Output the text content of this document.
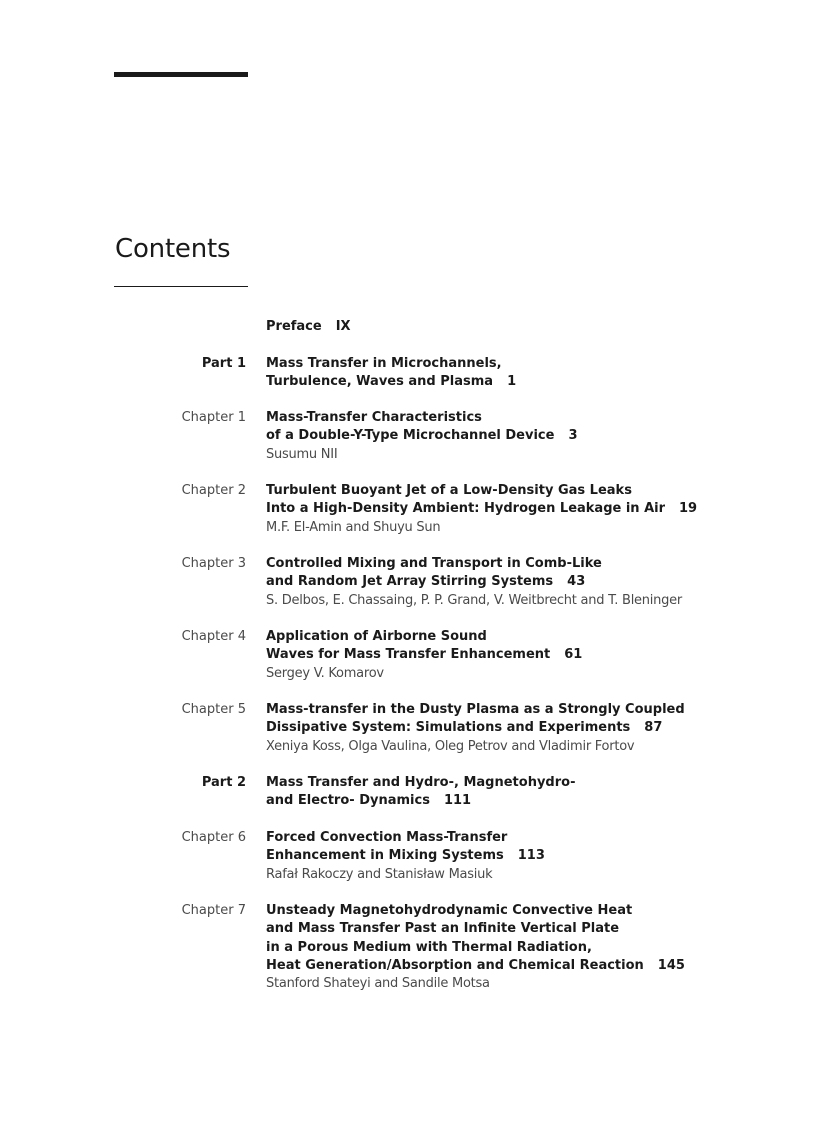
Contents
Preface IX
Part 1 Mass Transfer in Microchannels,
Turbulence, Waves and Plasma 1
Chapter 1 Mass-Transfer Characteristics
of a Double-Y-Type Microchannel Device 3
Susumu NII
Chapter 2 Turbulent Buoyant Jet of a Low-Density Gas Leaks
Into a High-Density Ambient: Hydrogen Leakage in Air 19
M.F. El-Amin and Shuyu Sun
Chapter 3 Controlled Mixing and Transport in Comb-Like
and Random Jet Array Stirring Systems 43
S. Delbos, E. Chassaing, P. P. Grand, V. Weitbrecht and T. Bleninger
Chapter 4 Application of Airborne Sound
Waves for Mass Transfer Enhancement 61
Sergey V. Komarov
Chapter 5 Mass-transfer in the Dusty Plasma as a Strongly Coupled
Dissipative System: Simulations and Experiments 87
Xeniya Koss, Olga Vaulina, Oleg Petrov and Vladimir Fortov
Part 2 Mass Transfer and Hydro-, Magnetohydro-
and Electro- Dynamics 111
Chapter 6 Forced Convection Mass-Transfer
Enhancement in Mixing Systems 113
Rafał Rakoczy and Stanisław Masiuk
Chapter 7 Unsteady Magnetohydrodynamic Convective Heat
and Mass Transfer Past an Infinite Vertical Plate
in a Porous Medium with Thermal Radiation,
Heat Generation/Absorption and Chemical Reaction 145
Stanford Shateyi and Sandile Motsa
